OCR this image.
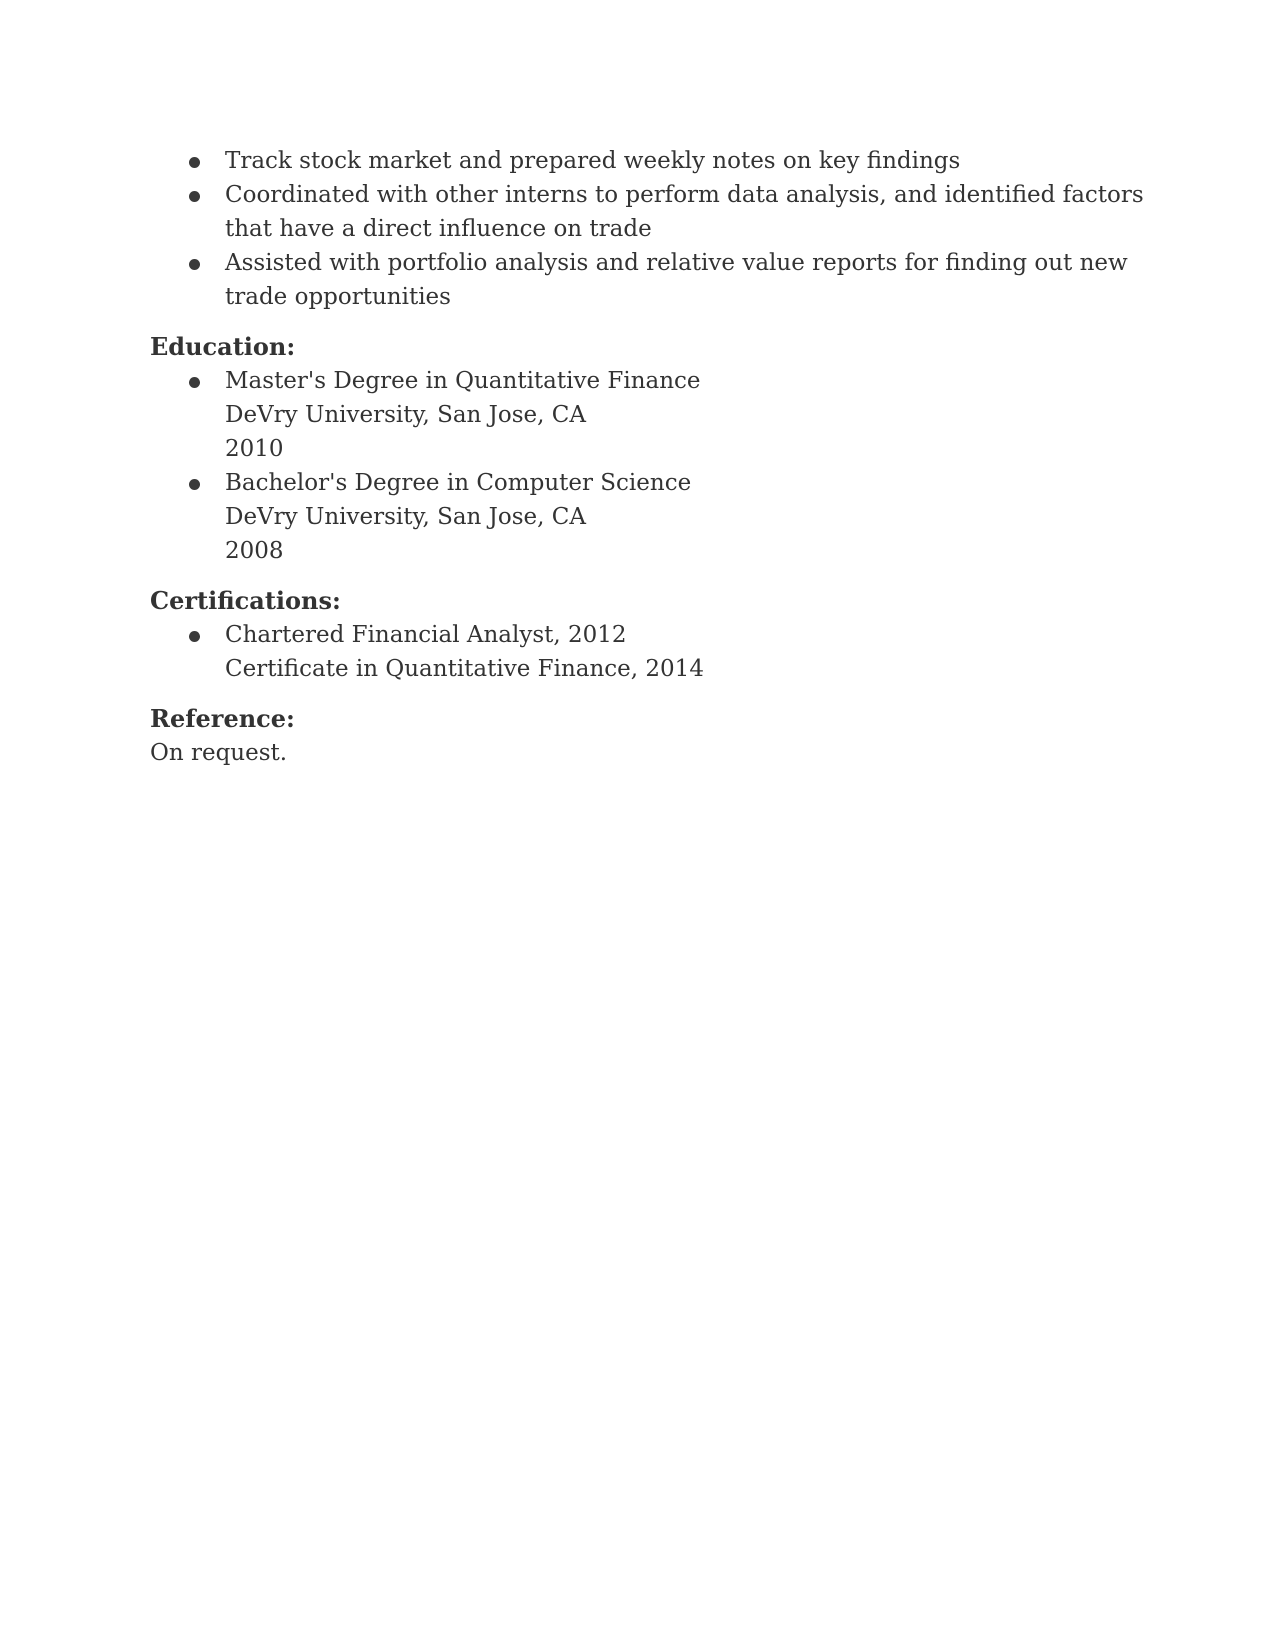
Track stock market and prepared weekly notes on key findings
Coordinated with other interns to perform data analysis, and identified factors
that have a direct influence on trade
Assisted with portfolio analysis and relative value reports for finding out new
trade opportunities
Education:
Master's Degree in Quantitative Finance
DeVry University, San Jose, CA
2010
Bachelor's Degree in Computer Science
DeVry University, San Jose, CA
2008
Certifications:
Chartered Financial Analyst, 2012
Certificate in Quantitative Finance, 2014
Reference:

On request.
